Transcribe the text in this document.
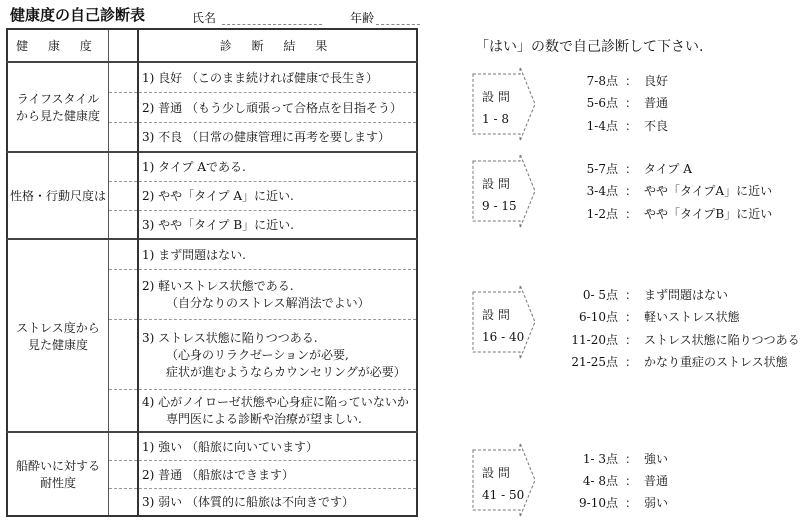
健康度の自己診断表	氏名	年齢
健 康 度		診 断 結 果

ライフスタイル
から見た健康度		1) 良好 （このまま続ければ健康で長生き）

		2) 普通 （もう少し頑張って合格点を目指そう）

		3) 不良 （日常の健康管理に再考を要します）

性格・行動尺度は		1) タイプ Aである.

		2) やや「タイプ A」に近い.

		3) やや「タイプ B」に近い.

ストレス度から
見た健康度		1) まず問題はない.

		2) 軽いストレス状態である.
（自分なりのストレス解消法でよい）

		3) ストレス状態に陥りつつある.
（心身のリラクゼーションが必要,
症状が進むようならカウンセリングが必要）

		4) 心がノイローゼ状態や心身症に陥っていないか
専門医による診断や治療が望ましい.

船酔いに対する
耐性度		1) 強い （船旅に向いています）

		2) 普通 （船旅はできます）

		3) 弱い （体質的に船旅は不向きです）
「はい」の数で自己診断して下さい.
設 問
1 - 8
7-8点 ： 良好
5-6点 ： 普通
1-4点 ： 不良
設 問
9 - 15
5-7点 ： タイプ A
3-4点 ： やや「タイプA」に近い
1-2点 ： やや「タイプB」に近い
設 問
16 - 40
0- 5点 ： まず問題はない
6-10点 ： 軽いストレス状態
11-20点 ： ストレス状態に陥りつつある
21-25点 ： かなり重症のストレス状態
設 問
41 - 50
1- 3点 ： 強い
4- 8点 ： 普通
9-10点 ： 弱い
